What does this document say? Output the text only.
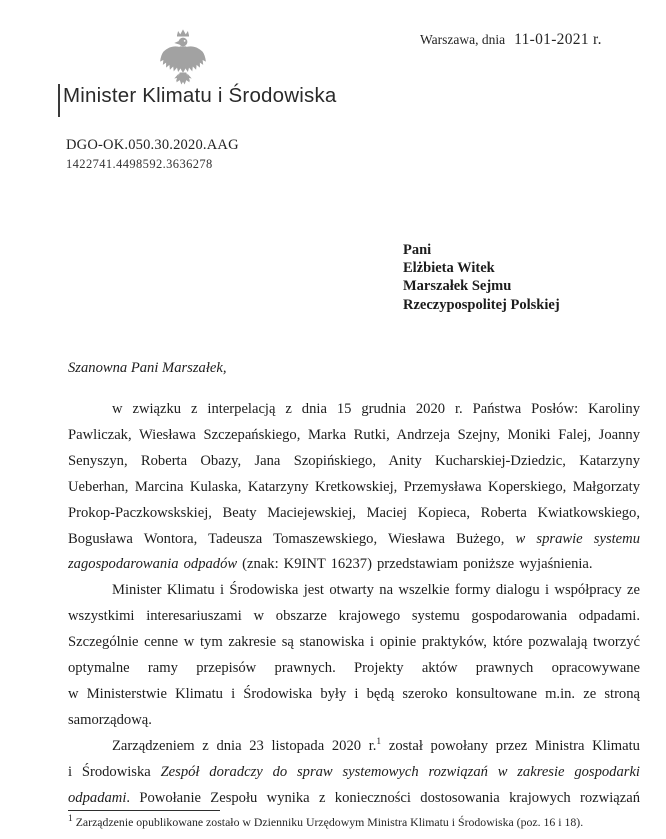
Warszawa, dnia 11-01-2021 r.
Minister Klimatu i Środowiska
DGO-OK.050.30.2020.AAG
1422741.4498592.3636278
Pani
Elżbieta Witek
Marszałek Sejmu
Rzeczypospolitej Polskiej
Szanowna Pani Marszałek,

w związku z interpelacją z dnia 15 grudnia 2020 r. Państwa Posłów: Karoliny Pawliczak, Wiesława Szczepańskiego, Marka Rutki, Andrzeja Szejny, Moniki Falej, Joanny Senyszyn, Roberta Obazy, Jana Szopińskiego, Anity Kucharskiej-Dziedzic, Katarzyny Ueberhan, Marcina Kulaska, Katarzyny Kretkowskiej, Przemysława Koperskiego, Małgorzaty Prokop-Paczkowskskiej, Beaty Maciejewskiej, Maciej Kopieca, Roberta Kwiatkowskiego, Bogusława Wontora, Tadeusza Tomaszewskiego, Wiesława Bużego, w sprawie systemu zagospodarowania odpadów (znak: K9INT 16237) przedstawiam poniższe wyjaśnienia.

Minister Klimatu i Środowiska jest otwarty na wszelkie formy dialogu i współpracy ze wszystkimi interesariuszami w obszarze krajowego systemu gospodarowania odpadami. Szczególnie cenne w tym zakresie są stanowiska i opinie praktyków, które pozwalają tworzyć optymalne ramy przepisów prawnych. Projekty aktów prawnych opracowywane w Ministerstwie Klimatu i Środowiska były i będą szeroko konsultowane m.in. ze stroną samorządową.

Zarządzeniem z dnia 23 listopada 2020 r.$^1$ został powołany przez Ministra Klimatu i Środowiska Zespół doradczy do spraw systemowych rozwiązań w zakresie gospodarki odpadami. Powołanie Zespołu wynika z konieczności dostosowania krajowych rozwiązań

$^1$ Zarządzenie opublikowane zostało w Dzienniku Urzędowym Ministra Klimatu i Środowiska (poz. 16 i 18).
